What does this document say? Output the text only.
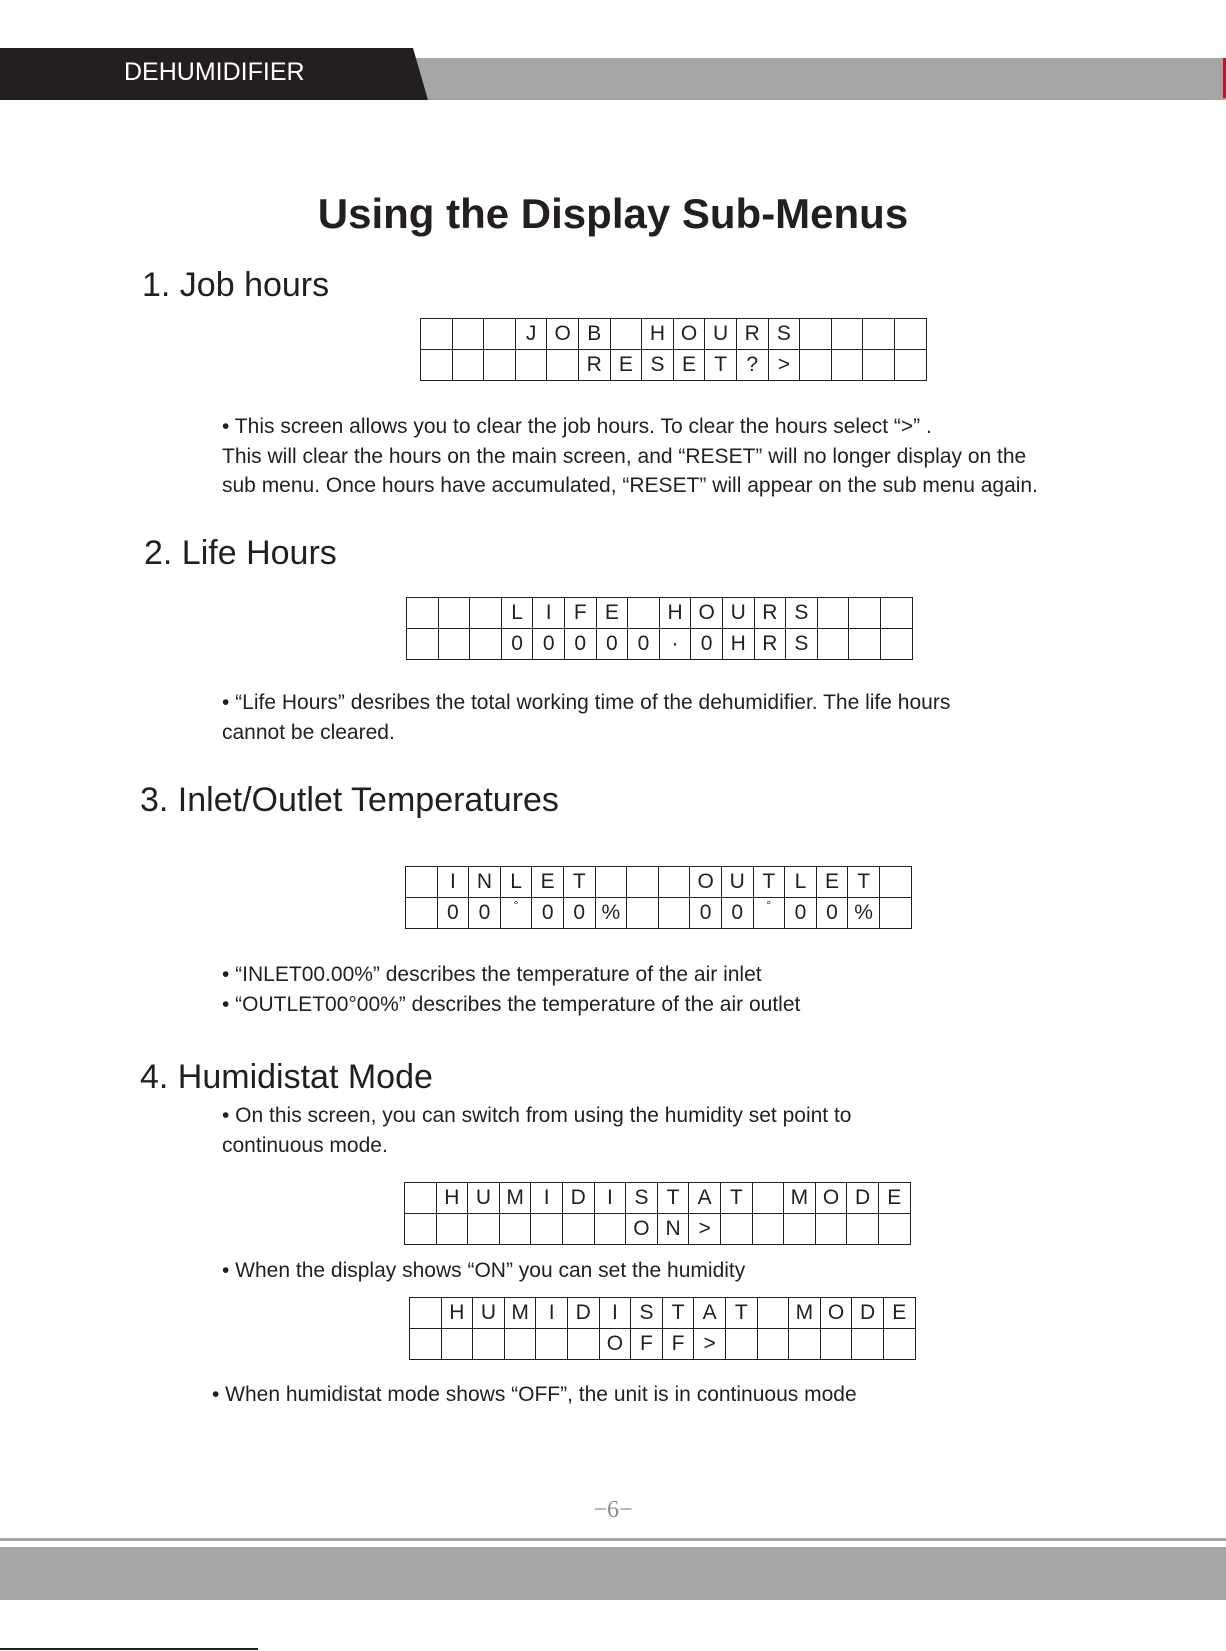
DEHUMIDIFIER
Using the Display Sub-Menus
1. Job hours
			J	O	B		H	O	U	R	S				
					R	E	S	E	T	?	>				
• This screen allows you to clear the job hours. To clear the hours select “>” .
This will clear the hours on the main screen, and “RESET” will no longer display on the
sub menu. Once hours have accumulated, “RESET” will appear on the sub menu again.
2. Life Hours
			L	I	F	E		H	O	U	R	S			
			0	0	0	0	0	·	0	H	R	S			
• “Life Hours” desribes the total working time of the dehumidifier. The life hours
cannot be cleared.
3. Inlet/Outlet Temperatures
	I	N	L	E	T				O	U	T	L	E	T	
	0	0	°	0	0	%			0	0	°	0	0	%	
• “INLET00.00%” describes the temperature of the air inlet
• “OUTLET00°00%” describes the temperature of the air outlet
4. Humidistat Mode
• On this screen, you can switch from using the humidity set point to
continuous mode.
	H	U	M	I	D	I	S	T	A	T		M	O	D	E
							O	N	>						
• When the display shows “ON” you can set the humidity
	H	U	M	I	D	I	S	T	A	T		M	O	D	E
						O	F	F	>						
• When humidistat mode shows “OFF”, the unit is in continuous mode
−6−
